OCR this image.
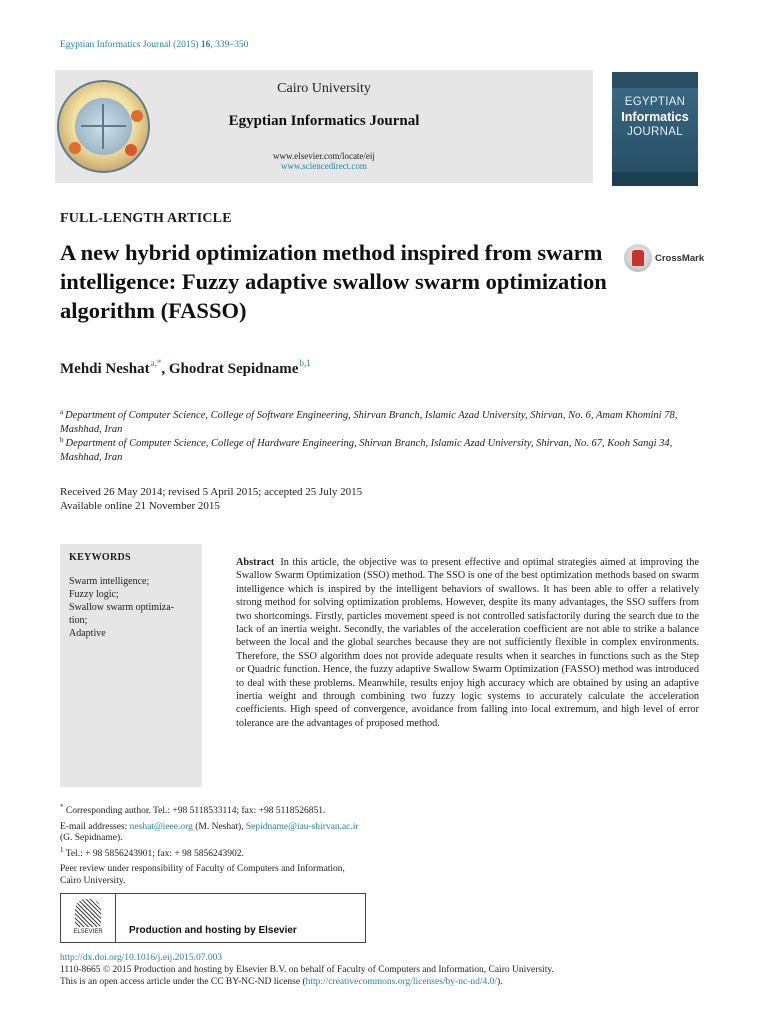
Egyptian Informatics Journal (2015) 16, 339–350
Cairo University
Egyptian Informatics Journal
www.elsevier.com/locate/eij
www.sciencedirect.com
EGYPTIAN
Informatics
JOURNAL
FULL-LENGTH ARTICLE
A new hybrid optimization method inspired from swarm intelligence: Fuzzy adaptive swallow swarm optimization algorithm (FASSO)
CrossMark
Mehdi Neshat$^{a,*}$, Ghodrat Sepidname$^{b,1}$
$^a$ Department of Computer Science, College of Software Engineering, Shirvan Branch, Islamic Azad University, Shirvan, No. 6, Amam Khomini 78, Mashhad, Iran
$^b$ Department of Computer Science, College of Hardware Engineering, Shirvan Branch, Islamic Azad University, Shirvan, No. 67, Kooh Sangi 34, Mashhad, Iran
Received 26 May 2014; revised 5 April 2015; accepted 25 July 2015
Available online 21 November 2015
KEYWORDS
Swarm intelligence;
Fuzzy logic;
Swallow swarm optimiza-
tion;
Adaptive
Abstract In this article, the objective was to present effective and optimal strategies aimed at improving the Swallow Swarm Optimization (SSO) method. The SSO is one of the best optimization methods based on swarm intelligence which is inspired by the intelligent behaviors of swallows. It has been able to offer a relatively strong method for solving optimization problems. However, despite its many advantages, the SSO suffers from two shortcomings. Firstly, particles movement speed is not controlled satisfactorily during the search due to the lack of an inertia weight. Secondly, the variables of the acceleration coefficient are not able to strike a balance between the local and the global searches because they are not sufficiently flexible in complex environments. Therefore, the SSO algorithm does not provide adequate results when it searches in functions such as the Step or Quadric function. Hence, the fuzzy adaptive Swallow Swarm Optimization (FASSO) method was introduced to deal with these problems. Meanwhile, results enjoy high accuracy which are obtained by using an adaptive inertia weight and through combining two fuzzy logic systems to accurately calculate the acceleration coefficients. High speed of convergence, avoidance from falling into local extremum, and high level of error tolerance are the advantages of proposed method.

* Corresponding author. Tel.: +98 5118533114; fax: +98 5118526851.

E-mail addresses: neshat@ieee.org (M. Neshat), Sepidname@iau-shirvan.ac.ir (G. Sepidname).
$^1$ Tel.: + 98 5856243901; fax: + 98 5856243902.

Peer review under responsibility of Faculty of Computers and Information, Cairo University.

ELSEVIER	Production and hosting by Elsevier
http://dx.doi.org/10.1016/j.eij.2015.07.003
1110-8665 © 2015 Production and hosting by Elsevier B.V. on behalf of Faculty of Computers and Information, Cairo University.
This is an open access article under the CC BY-NC-ND license (http://creativecommons.org/licenses/by-nc-nd/4.0/).
